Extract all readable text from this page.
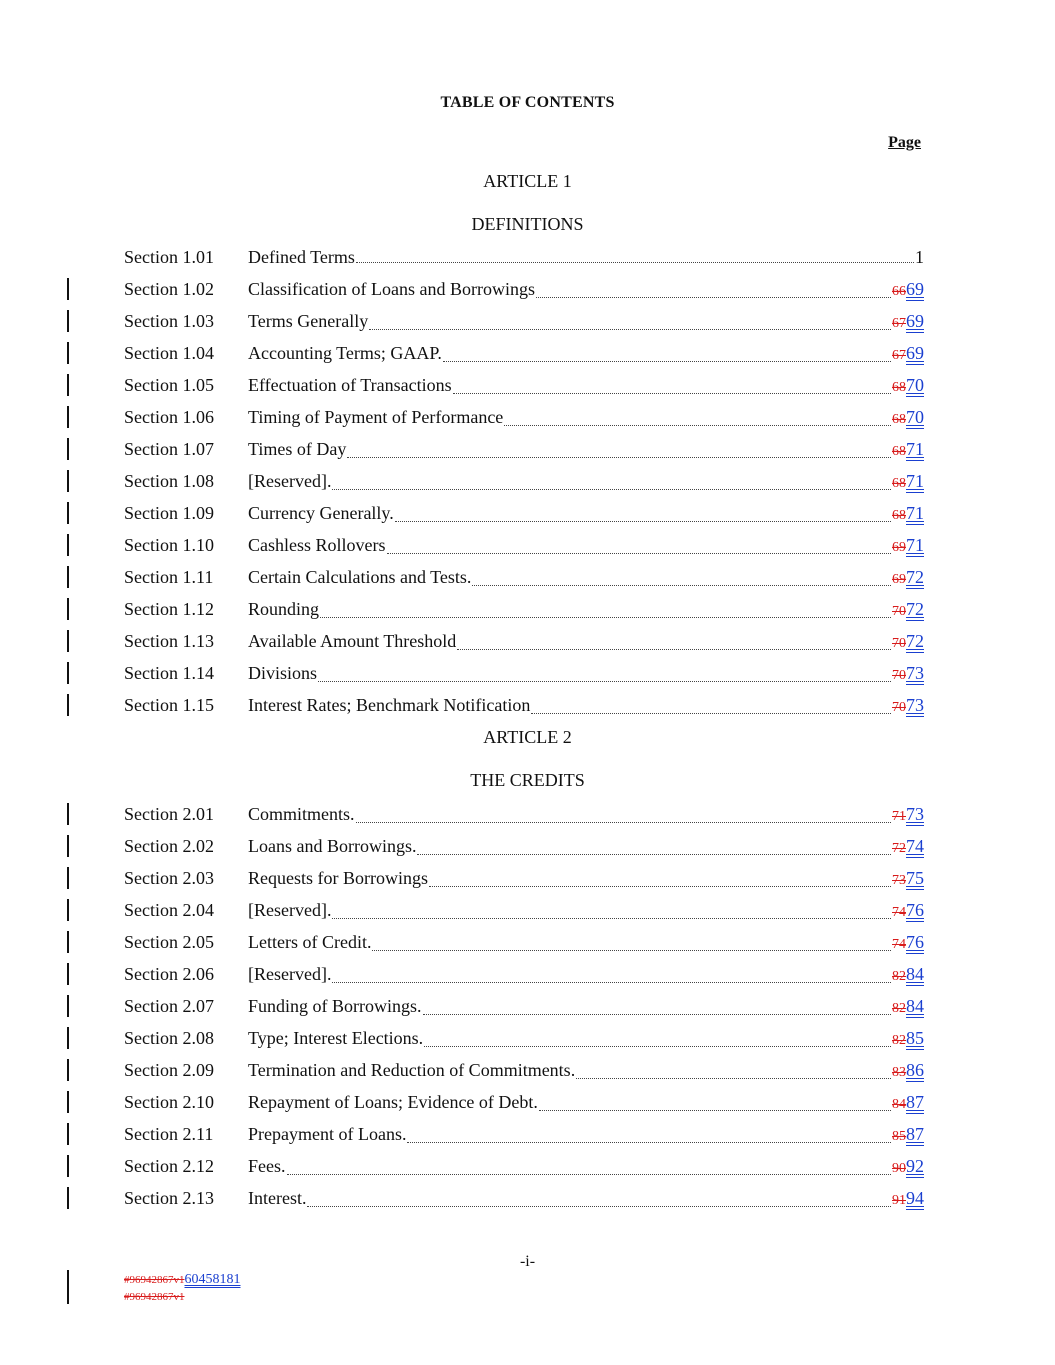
TABLE OF CONTENTS
Page
ARTICLE 1
DEFINITIONS
Section 1.01 Defined Terms	1
Section 1.02 Classification of Loans and Borrowings	6669
Section 1.03 Terms Generally	6769
Section 1.04 Accounting Terms; GAAP.	6769
Section 1.05 Effectuation of Transactions	6870
Section 1.06 Timing of Payment of Performance	6870
Section 1.07 Times of Day	6871
Section 1.08 [Reserved].	6871
Section 1.09 Currency Generally.	6871
Section 1.10 Cashless Rollovers	6971
Section 1.11 Certain Calculations and Tests.	6972
Section 1.12 Rounding	7072
Section 1.13 Available Amount Threshold	7072
Section 1.14 Divisions	7073
Section 1.15 Interest Rates; Benchmark Notification	7073
ARTICLE 2
THE CREDITS
Section 2.01 Commitments.	7173
Section 2.02 Loans and Borrowings.	7274
Section 2.03 Requests for Borrowings	7375
Section 2.04 [Reserved].	7476
Section 2.05 Letters of Credit.	7476
Section 2.06 [Reserved].	8284
Section 2.07 Funding of Borrowings.	8284
Section 2.08 Type; Interest Elections.	8285
Section 2.09 Termination and Reduction of Commitments.	8386
Section 2.10 Repayment of Loans; Evidence of Debt.	8487
Section 2.11 Prepayment of Loans.	8587
Section 2.12 Fees.	9092
Section 2.13 Interest.	9194
-i-
#96942867v160458181
#96942867v1
